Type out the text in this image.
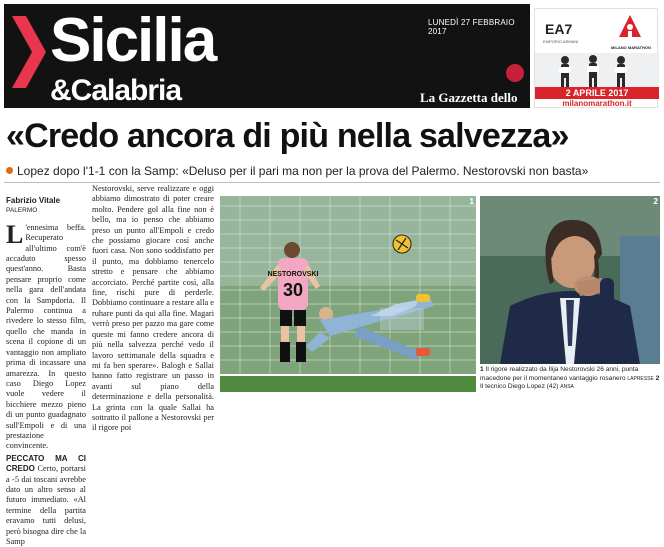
Sicilia
&Calabria
LUNEDÌ 27 FEBBRAIO 2017
La Gazzetta dello Sport
EA7
EMPORIO ARMANI
MILANO MARATHON
2 APRILE 2017
milanomarathon.it
«Credo ancora di più nella salvezza»
Lopez dopo l'1-1 con la Samp: «Deluso per il pari ma non per la prova del Palermo. Nestorovski non basta»
Fabrizio Vitale
PALERMO
L 'ennesima beffa. Recuperato all'ultimo com'è accaduto spesso quest'anno. Basta pensare proprio come nella gara dell'andata con la Sampdoria. Il Palermo continua a rivedere lo stesso film, quello che manda in scena il copione di un vantaggio non ampliato prima di incassare una amarezza. In questo caso Diego Lopez vuole vedere il bicchiere mezzo pieno di un punto guadagnato sull'Empoli e di una prestazione convincente.
PECCATO MA CI CREDO Certo, portarsi a -5 dai toscani avrebbe dato un altro senso al futuro immediato. «Al termine della partita eravamo tutti delusi, però bisogna dire che la Samp
Nestorovski, serve realizzare e oggi abbiamo dimostrato di poter creare molto. Pendere gol alla fine non è bello, ma io penso che abbiamo preso un punto all'Empoli e credo che possiamo giocare così anche fuori casa. Non sono soddisfatto per il punto, ma dobbiamo tenercelo stretto e pensare che abbiamo accorciato. Perché partite così, alla fine, rischi pure di perderle. Dobbiamo continuare a restare alla e ruhare punti da qui alla fine. Magari verrò preso per pazzo ma gare come queste mi fanno credere ancora di più nella salvezza perché vedo il lavoro settimanale della squadra e mi fa ben sperare». Balogh e Sallai hanno fatto registrare un passo in avanti sul piano della determinazione e della personalità. La grinta con la quale Sallai ha sottratto il pallone a Nestorovski per il rigore poi
NESTOROVSKI
30
1	2
1 Il rigore realizzato da Ilija Nestorovski 26 anni, punta macedone per il momentaneo vantaggio rosanero LAPRESSE 2 Il tecnico Diego Lopez (42) ANSA
